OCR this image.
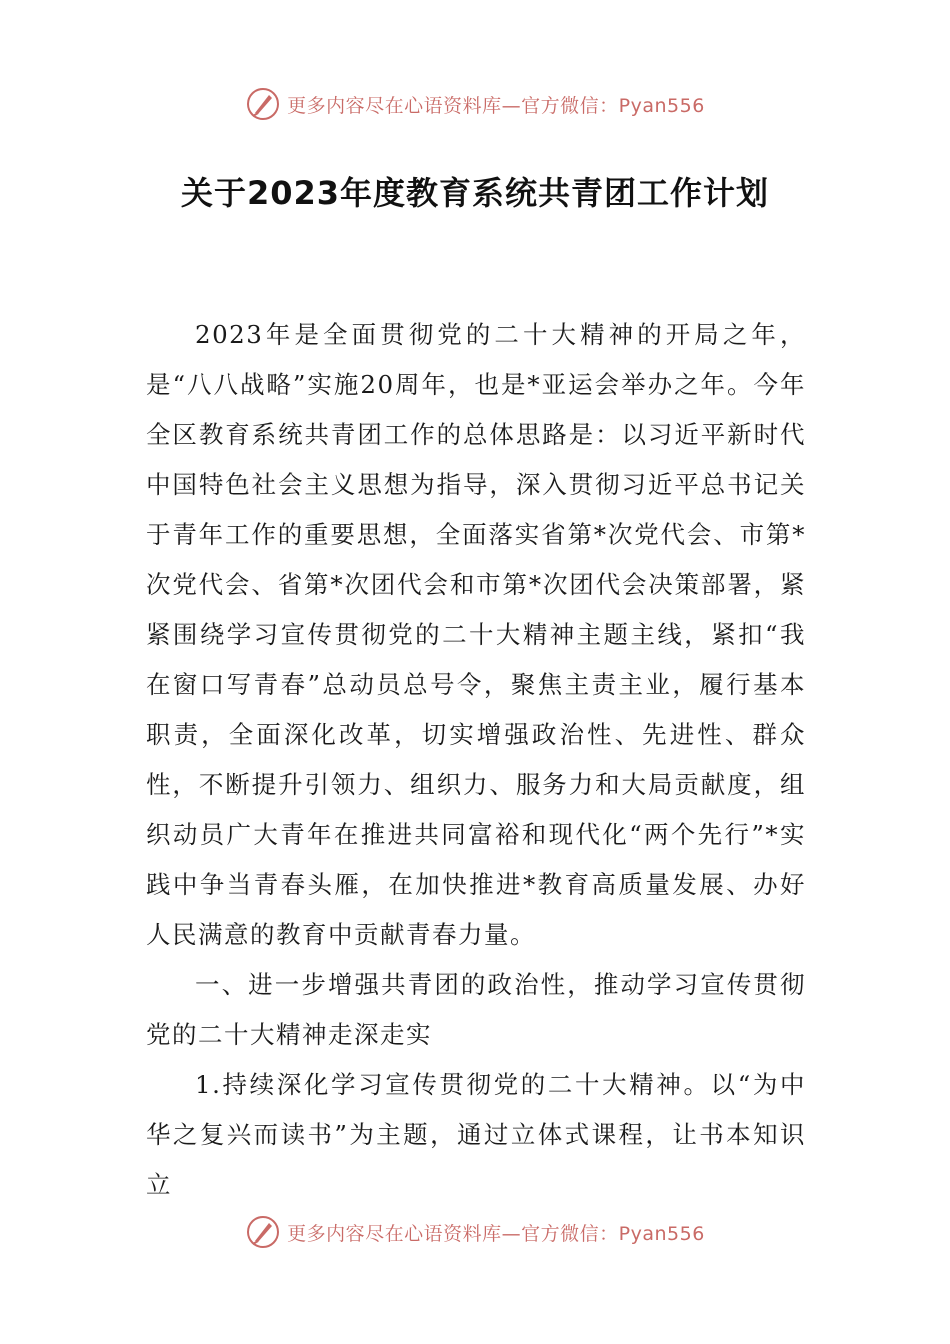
更多内容尽在心语资料库—官方微信：Pyan556
关于2023年度教育系统共青团工作计划

2023年是全面贯彻党的二十大精神的开局之年，是“八八战略”实施20周年，也是*亚运会举办之年。今年全区教育系统共青团工作的总体思路是：以习近平新时代中国特色社会主义思想为指导，深入贯彻习近平总书记关于青年工作的重要思想，全面落实省第*次党代会、市第*次党代会、省第*次团代会和市第*次团代会决策部署，紧紧围绕学习宣传贯彻党的二十大精神主题主线，紧扣“我在窗口写青春”总动员总号令，聚焦主责主业，履行基本职责，全面深化改革，切实增强政治性、先进性、群众性，不断提升引领力、组织力、服务力和大局贡献度，组织动员广大青年在推进共同富裕和现代化“两个先行”*实践中争当青春头雁，在加快推进*教育高质量发展、办好人民满意的教育中贡献青春力量。

一、进一步增强共青团的政治性，推动学习宣传贯彻党的二十大精神走深走实

1.持续深化学习宣传贯彻党的二十大精神。以“为中华之复兴而读书”为主题，通过立体式课程，让书本知识立

更多内容尽在心语资料库—官方微信：Pyan556
